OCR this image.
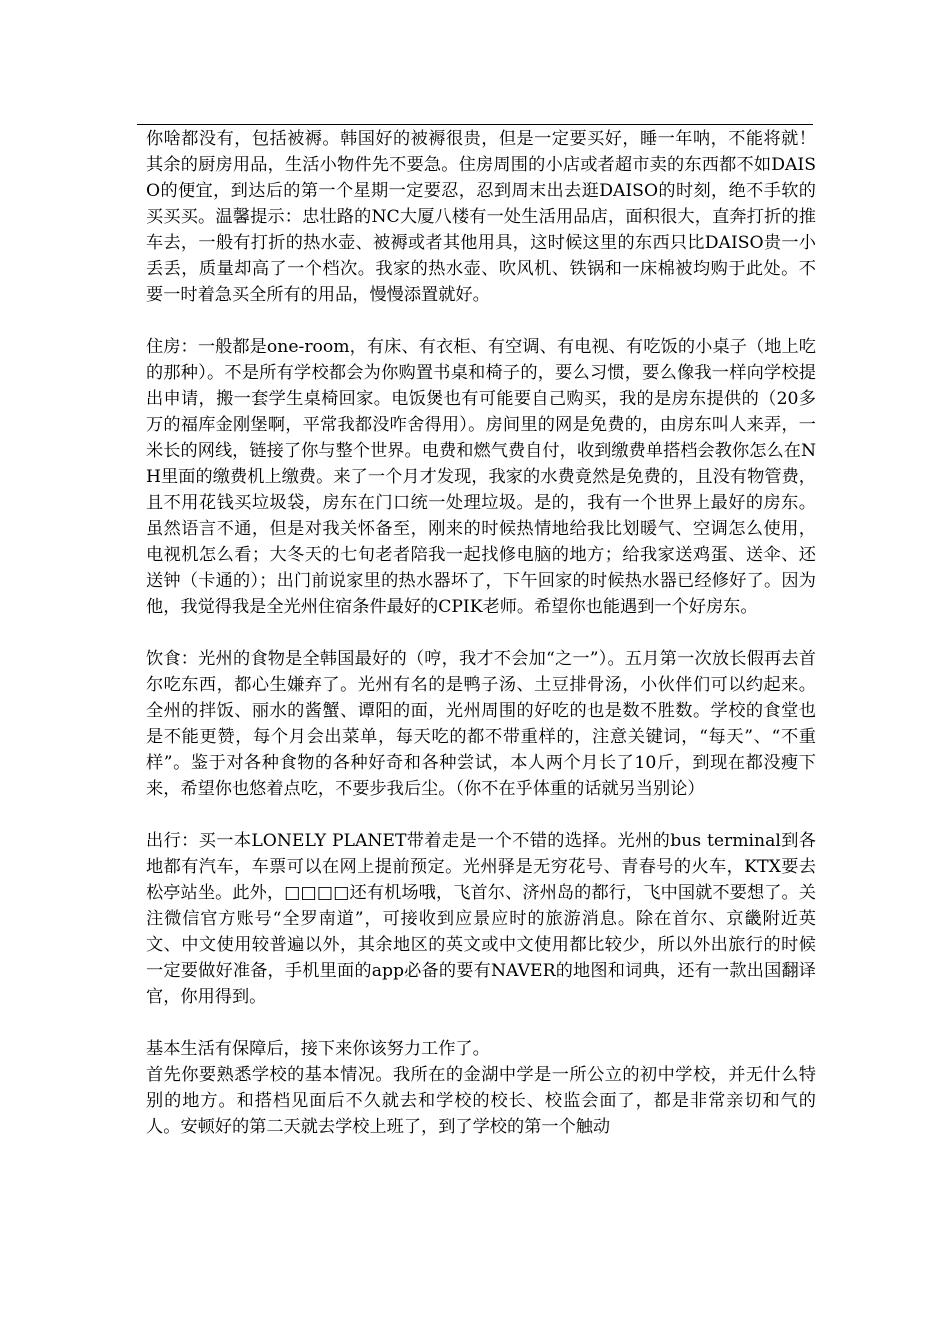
你啥都没有，包括被褥。韩国好的被褥很贵，但是一定要买好，睡一年呐，不能将就！其余的厨房用品，生活小物件先不要急。住房周围的小店或者超市卖的东西都不如DAISO的便宜，到达后的第一个星期一定要忍，忍到周末出去逛DAISO的时刻，绝不手软的买买买。温馨提示：忠壮路的NC大厦八楼有一处生活用品店，面积很大，直奔打折的推车去，一般有打折的热水壶、被褥或者其他用具，这时候这里的东西只比DAISO贵一小丢丢，质量却高了一个档次。我家的热水壶、吹风机、铁锅和一床棉被均购于此处。不要一时着急买全所有的用品，慢慢添置就好。

住房：一般都是one-room，有床、有衣柜、有空调、有电视、有吃饭的小桌子（地上吃的那种）。不是所有学校都会为你购置书桌和椅子的，要么习惯，要么像我一样向学校提出申请，搬一套学生桌椅回家。电饭煲也有可能要自己购买，我的是房东提供的（20多万的福库金刚堡啊，平常我都没咋舍得用）。房间里的网是免费的，由房东叫人来弄，一米长的网线，链接了你与整个世界。电费和燃气费自付，收到缴费单搭档会教你怎么在NH里面的缴费机上缴费。来了一个月才发现，我家的水费竟然是免费的，且没有物管费，且不用花钱买垃圾袋，房东在门口统一处理垃圾。是的，我有一个世界上最好的房东。虽然语言不通，但是对我关怀备至，刚来的时候热情地给我比划暖气、空调怎么使用，电视机怎么看；大冬天的七旬老者陪我一起找修电脑的地方；给我家送鸡蛋、送伞、还送钟（卡通的）；出门前说家里的热水器坏了，下午回家的时候热水器已经修好了。因为他，我觉得我是全光州住宿条件最好的CPIK老师。希望你也能遇到一个好房东。

饮食：光州的食物是全韩国最好的（哼，我才不会加“之一”）。五月第一次放长假再去首尔吃东西，都心生嫌弃了。光州有名的是鸭子汤、土豆排骨汤，小伙伴们可以约起来。全州的拌饭、丽水的酱蟹、谭阳的面，光州周围的好吃的也是数不胜数。学校的食堂也是不能更赞，每个月会出菜单，每天吃的都不带重样的，注意关键词，“每天”、“不重样”。鉴于对各种食物的各种好奇和各种尝试，本人两个月长了10斤，到现在都没瘦下来，希望你也悠着点吃，不要步我后尘。（你不在乎体重的话就另当别论）

出行：买一本LONELY PLANET带着走是一个不错的选择。光州的bus terminal到各地都有汽车，车票可以在网上提前预定。光州驿是无穷花号、青春号的火车，KTX要去松亭站坐。此外，□□□□还有机场哦，飞首尔、济州岛的都行，飞中国就不要想了。关注微信官方账号“全罗南道”，可接收到应景应时的旅游消息。除在首尔、京畿附近英文、中文使用较普遍以外，其余地区的英文或中文使用都比较少，所以外出旅行的时候一定要做好准备，手机里面的app必备的要有NAVER的地图和词典，还有一款出国翻译官，你用得到。

基本生活有保障后，接下来你该努力工作了。

首先你要熟悉学校的基本情况。我所在的金湖中学是一所公立的初中学校，并无什么特别的地方。和搭档见面后不久就去和学校的校长、校监会面了，都是非常亲切和气的人。安顿好的第二天就去学校上班了，到了学校的第一个触动
